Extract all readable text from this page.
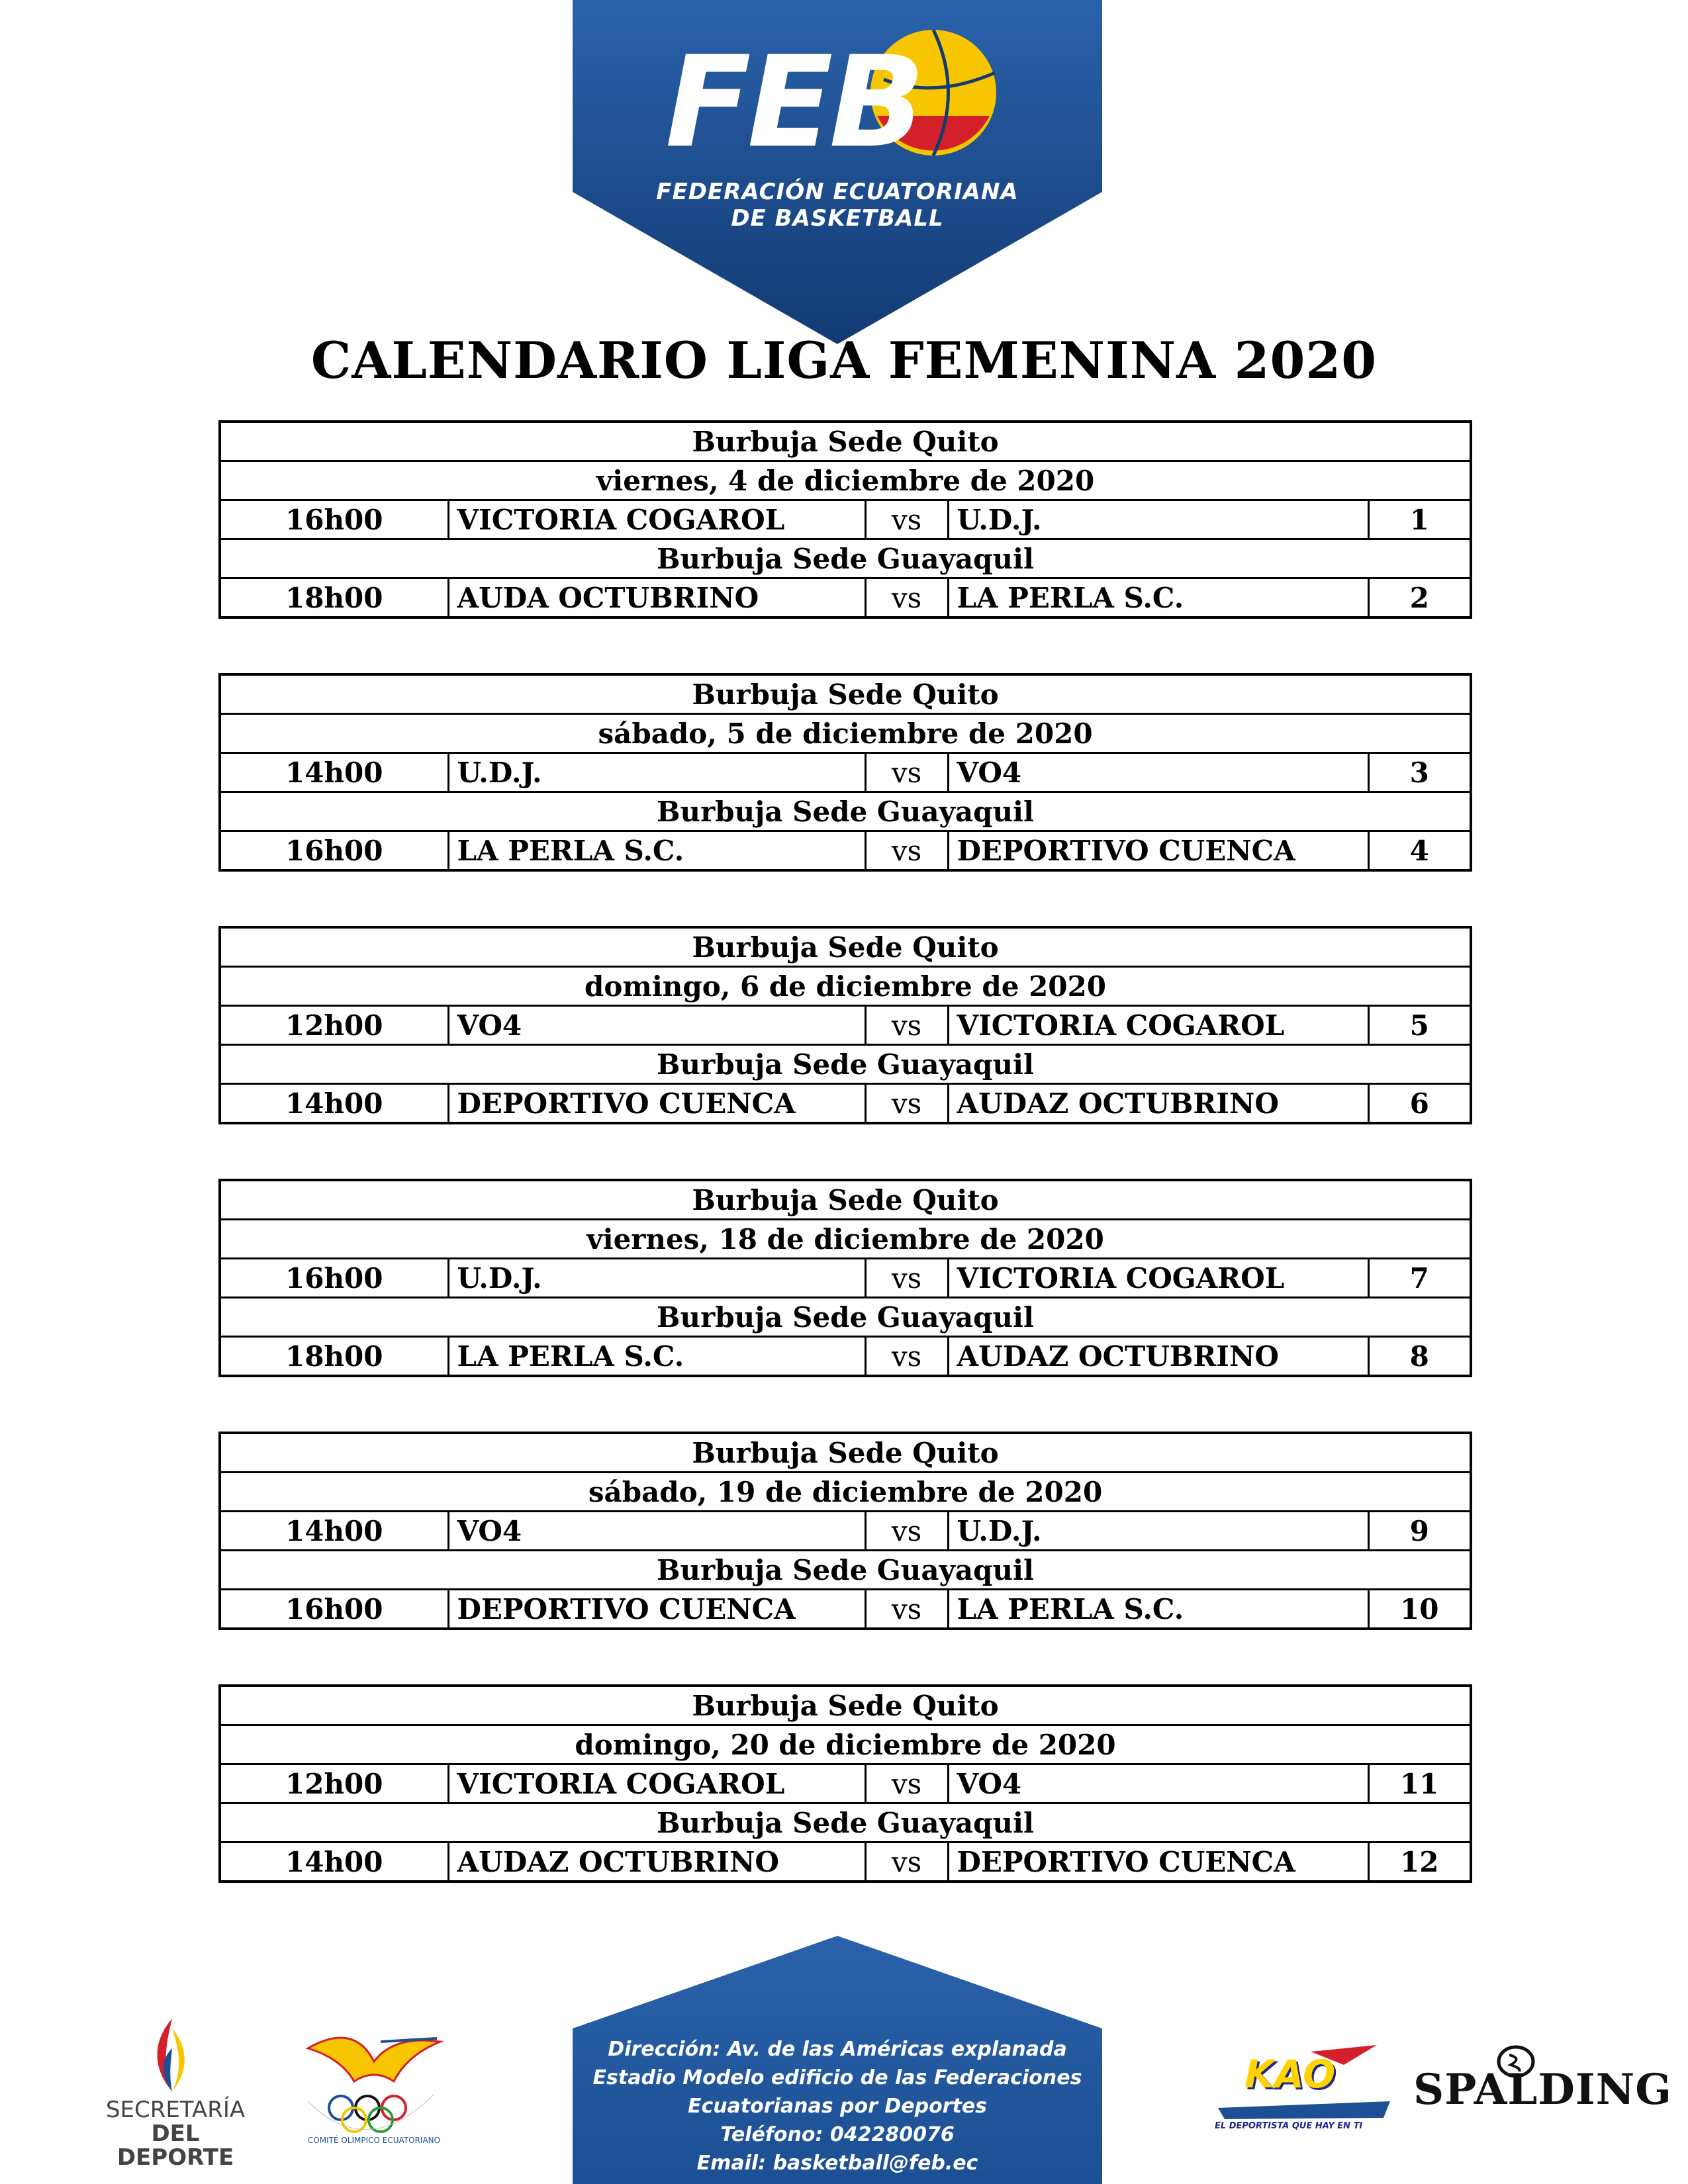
FEB
FEDERACIÓN ECUATORIANA
DE BASKETBALL
CALENDARIO LIGA FEMENINA 2020
Burbuja Sede Quito				
viernes, 4 de diciembre de 2020				
16h00	VICTORIA COGAROL	vs	U.D.J.	1
Burbuja Sede Guayaquil				
18h00	AUDA OCTUBRINO	vs	LA PERLA S.C.	2
Burbuja Sede Quito				
sábado, 5 de diciembre de 2020				
14h00	U.D.J.	vs	VO4	3
Burbuja Sede Guayaquil				
16h00	LA PERLA S.C.	vs	DEPORTIVO CUENCA	4
Burbuja Sede Quito				
domingo, 6 de diciembre de 2020				
12h00	VO4	vs	VICTORIA COGAROL	5
Burbuja Sede Guayaquil				
14h00	DEPORTIVO CUENCA	vs	AUDAZ OCTUBRINO	6
Burbuja Sede Quito				
viernes, 18 de diciembre de 2020				
16h00	U.D.J.	vs	VICTORIA COGAROL	7
Burbuja Sede Guayaquil				
18h00	LA PERLA S.C.	vs	AUDAZ OCTUBRINO	8
Burbuja Sede Quito				
sábado, 19 de diciembre de 2020				
14h00	VO4	vs	U.D.J.	9
Burbuja Sede Guayaquil				
16h00	DEPORTIVO CUENCA	vs	LA PERLA S.C.	10
Burbuja Sede Quito				
domingo, 20 de diciembre de 2020				
12h00	VICTORIA COGAROL	vs	VO4	11
Burbuja Sede Guayaquil				
14h00	AUDAZ OCTUBRINO	vs	DEPORTIVO CUENCA	12
Dirección: Av. de las Américas explanada
Estadio Modelo edificio de las Federaciones
Ecuatorianas por Deportes
Teléfono: 042280076
Email: basketball@feb.ec
SECRETARÍA
DEL DEPORTE
COMITÉ OLÍMPICO ECUATORIANO
KAO
EL DEPORTISTA QUE HAY EN TI
SPALDING
